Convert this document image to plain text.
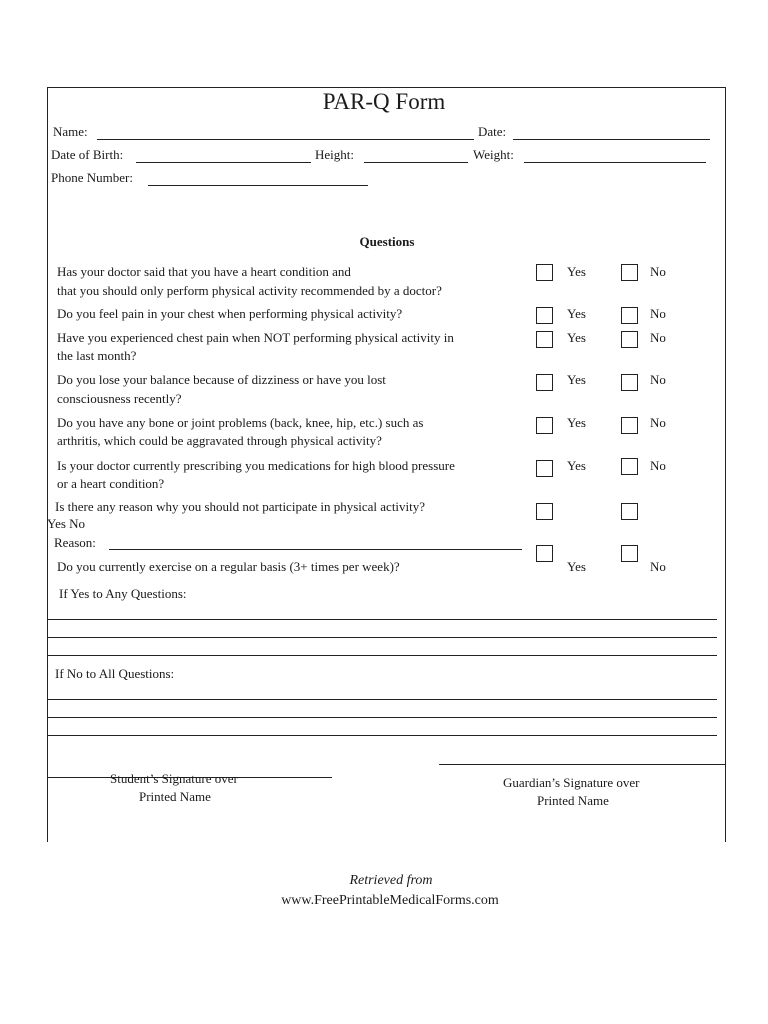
PAR-Q Form
Name:	Date:
Date of Birth:	Height:	Weight:
Phone Number:
Questions
Has your doctor said that you have a heart condition and
that you should only perform physical activity recommended by a doctor?
Yes	No
Do you feel pain in your chest when performing physical activity?	Yes	No
Have you experienced chest pain when NOT performing physical activity in
the last month?
Yes	No
Do you lose your balance because of dizziness or have you lost
consciousness recently?
Yes	No
Do you have any bone or joint problems (back, knee, hip, etc.) such as
arthritis, which could be aggravated through physical activity?
Yes	No
Is your doctor currently prescribing you medications for high blood pressure
or a heart condition?
Yes	No
Is there any reason why you should not participate in physical activity?
Yes No
Reason:
Do you currently exercise on a regular basis (3+ times per week)?	Yes	No
If Yes to Any Questions:
If No to All Questions:
Student’s Signature over
Printed Name
Guardian’s Signature over
Printed Name
Retrieved from
www.FreePrintableMedicalForms.com
